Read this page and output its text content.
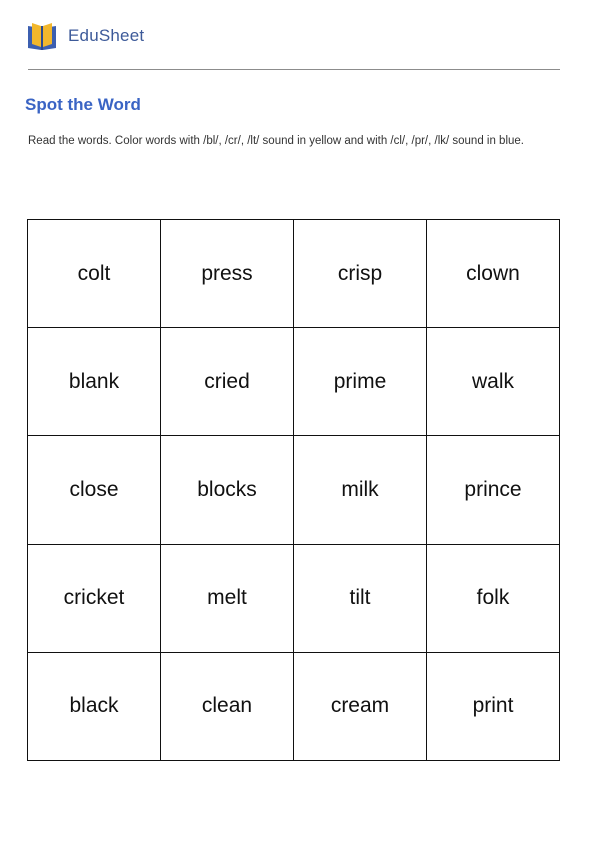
EduSheet
Spot the Word

Read the words. Color words with /bl/, /cr/, /lt/ sound in yellow and with /cl/, /pr/, /lk/ sound in blue.

colt	press	crisp	clown
blank	cried	prime	walk
close	blocks	milk	prince
cricket	melt	tilt	folk
black	clean	cream	print
